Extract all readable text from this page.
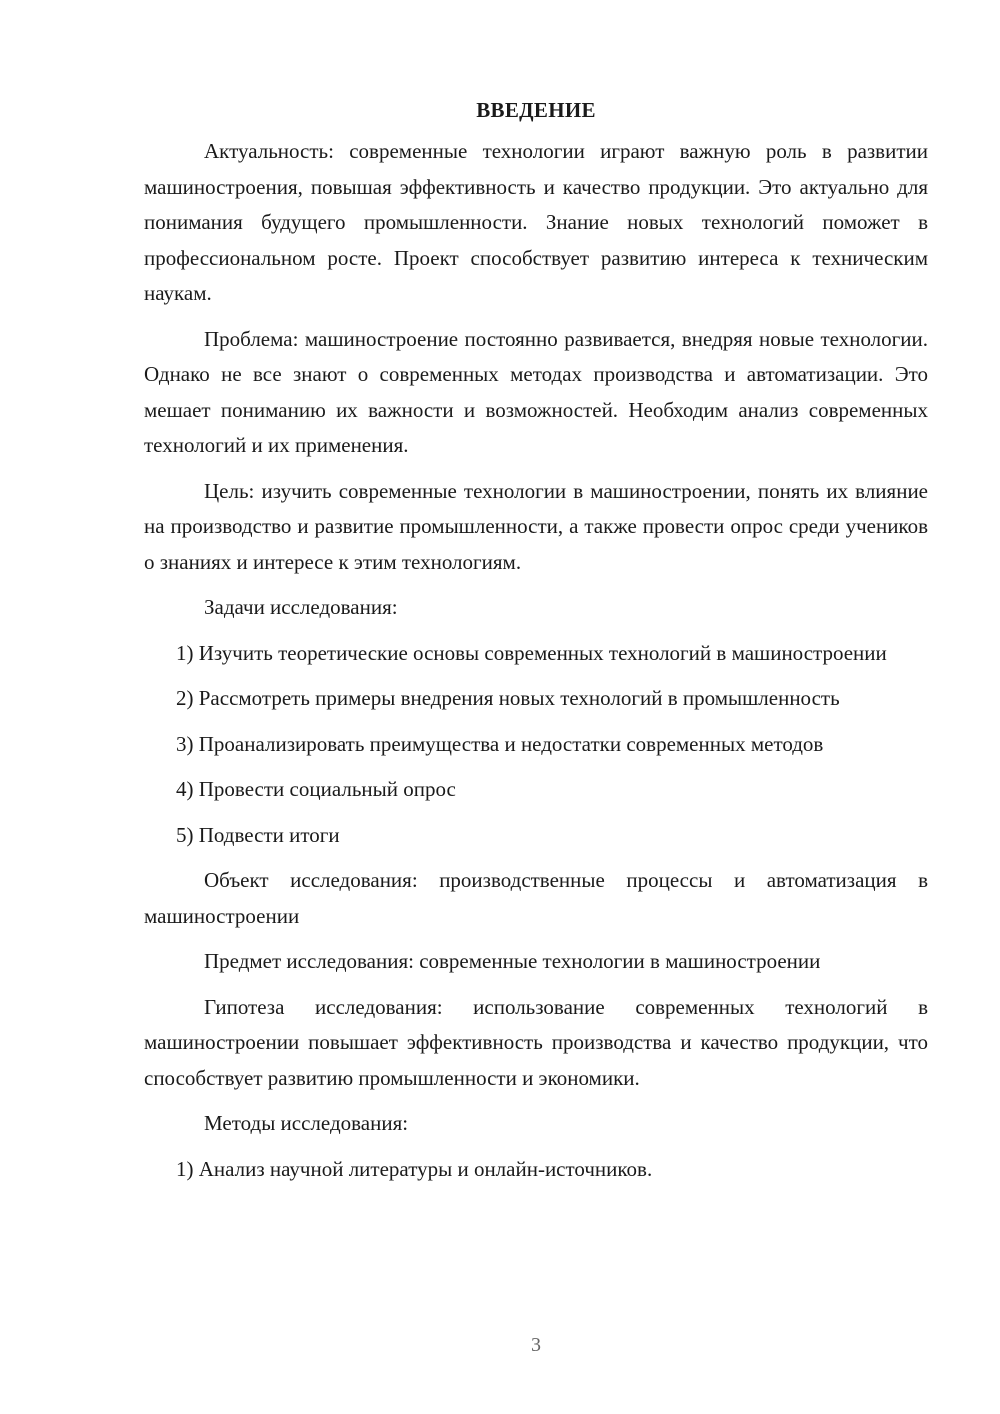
ВВЕДЕНИЕ

Актуальность: современные технологии играют важную роль в развитии машиностроения, повышая эффективность и качество продукции. Это актуально для понимания будущего промышленности. Знание новых технологий поможет в профессиональном росте. Проект способствует развитию интереса к техническим наукам.

Проблема: машиностроение постоянно развивается, внедряя новые технологии. Однако не все знают о современных методах производства и автоматизации. Это мешает пониманию их важности и возможностей. Необходим анализ современных технологий и их применения.

Цель: изучить современные технологии в машиностроении, понять их влияние на производство и развитие промышленности, а также провести опрос среди учеников о знаниях и интересе к этим технологиям.

Задачи исследования:

1) Изучить теоретические основы современных технологий в машиностроении

2) Рассмотреть примеры внедрения новых технологий в промышленность

3) Проанализировать преимущества и недостатки современных методов

4) Провести социальный опрос

5) Подвести итоги

Объект исследования: производственные процессы и автоматизация в машиностроении

Предмет исследования: современные технологии в машиностроении

Гипотеза исследования: использование современных технологий в машиностроении повышает эффективность производства и качество продукции, что способствует развитию промышленности и экономики.

Методы исследования:

1) Анализ научной литературы и онлайн-источников.

3
